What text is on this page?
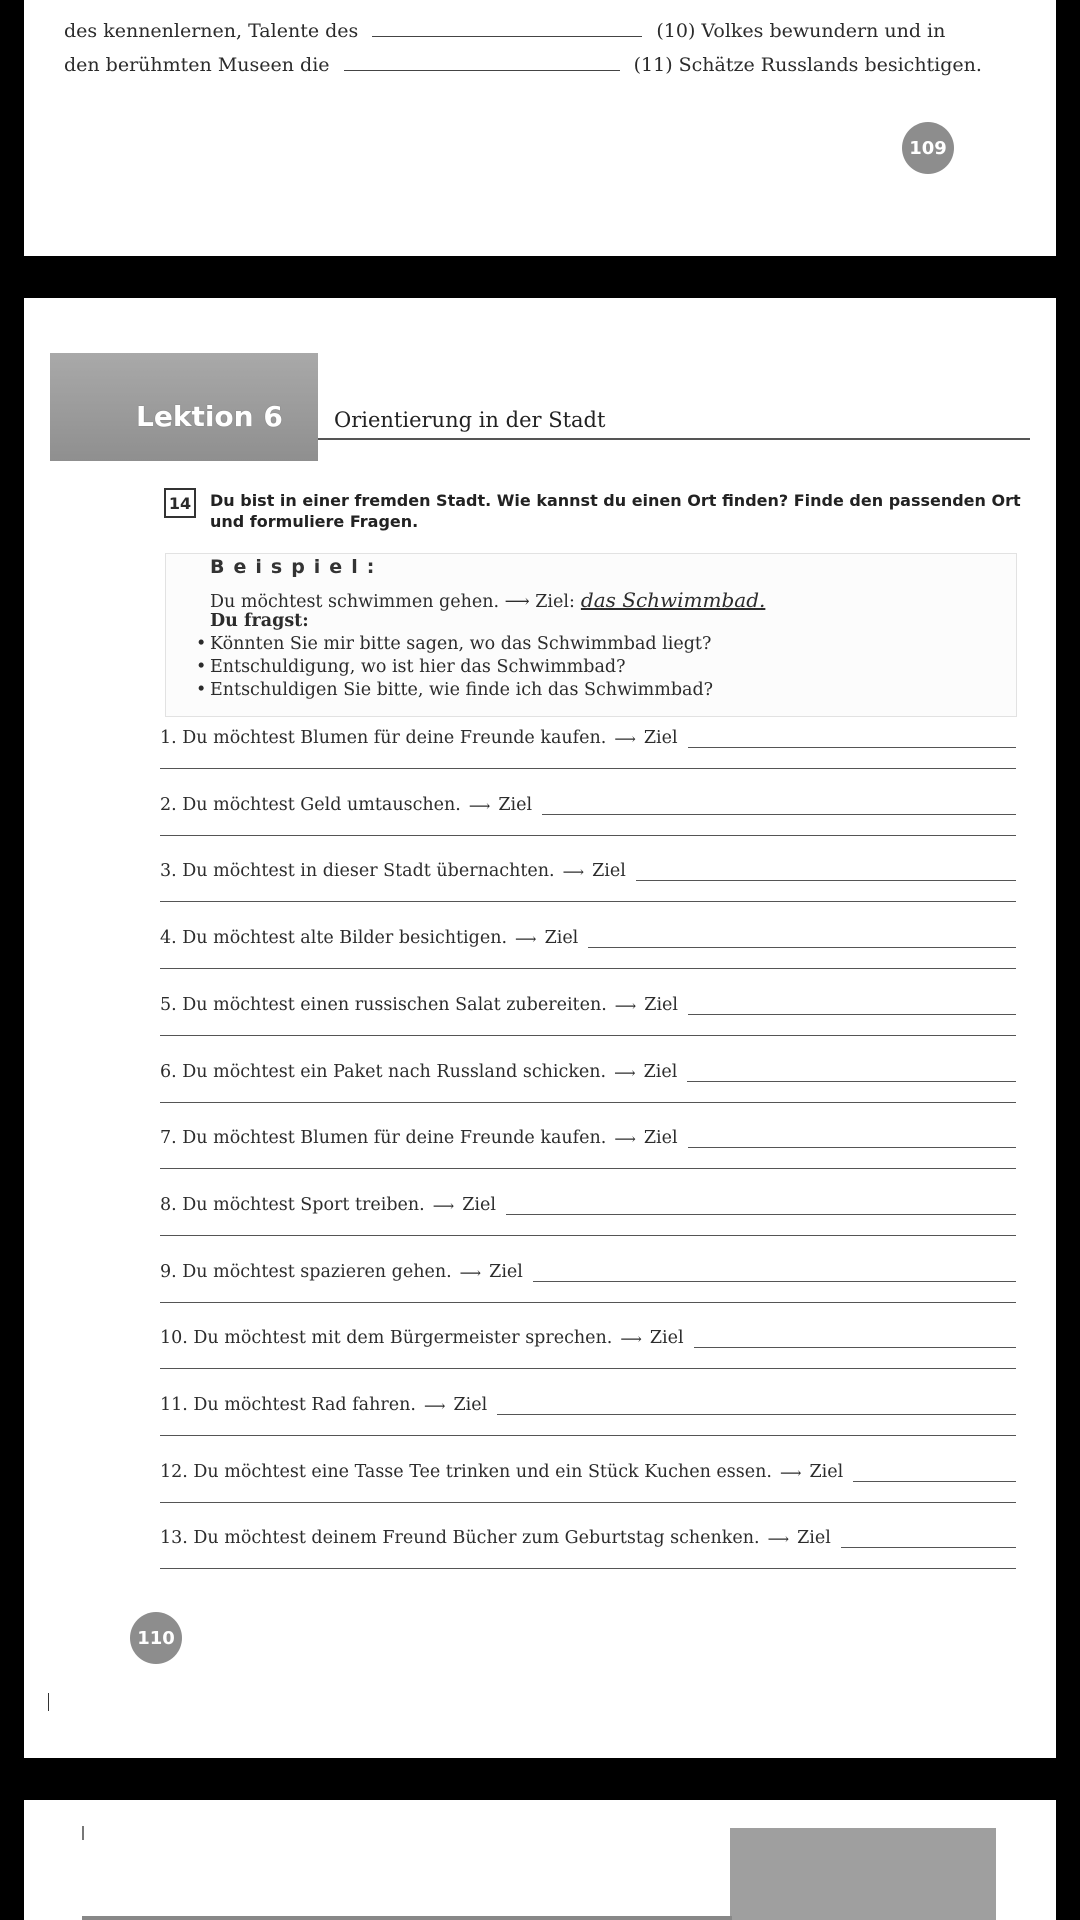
des kennenlernen, Talente des	(10) Volkes bewundern und in
den berühmten Museen die	(11) Schätze Russlands besichtigen.
109
Lektion 6 Orientierung in der Stadt
14	Du bist in einer fremden Stadt. Wie kannst du einen Ort finden? Finde den passenden Ort und formuliere Fragen.
Beispiel:
Du möchtest schwimmen gehen. ⟶ Ziel: das Schwimmbad.
Du fragst:
• Könnten Sie mir bitte sagen, wo das Schwimmbad liegt?
• Entschuldigung, wo ist hier das Schwimmbad?
• Entschuldigen Sie bitte, wie finde ich das Schwimmbad?
1. Du möchtest Blumen für deine Freunde kaufen. ⟶ Ziel
2. Du möchtest Geld umtauschen. ⟶ Ziel
3. Du möchtest in dieser Stadt übernachten. ⟶ Ziel
4. Du möchtest alte Bilder besichtigen. ⟶ Ziel
5. Du möchtest einen russischen Salat zubereiten. ⟶ Ziel
6. Du möchtest ein Paket nach Russland schicken. ⟶ Ziel
7. Du möchtest Blumen für deine Freunde kaufen. ⟶ Ziel
8. Du möchtest Sport treiben. ⟶ Ziel
9. Du möchtest spazieren gehen. ⟶ Ziel
10. Du möchtest mit dem Bürgermeister sprechen. ⟶ Ziel
11. Du möchtest Rad fahren. ⟶ Ziel
12. Du möchtest eine Tasse Tee trinken und ein Stück Kuchen essen. ⟶ Ziel
13. Du möchtest deinem Freund Bücher zum Geburtstag schenken. ⟶ Ziel
110
